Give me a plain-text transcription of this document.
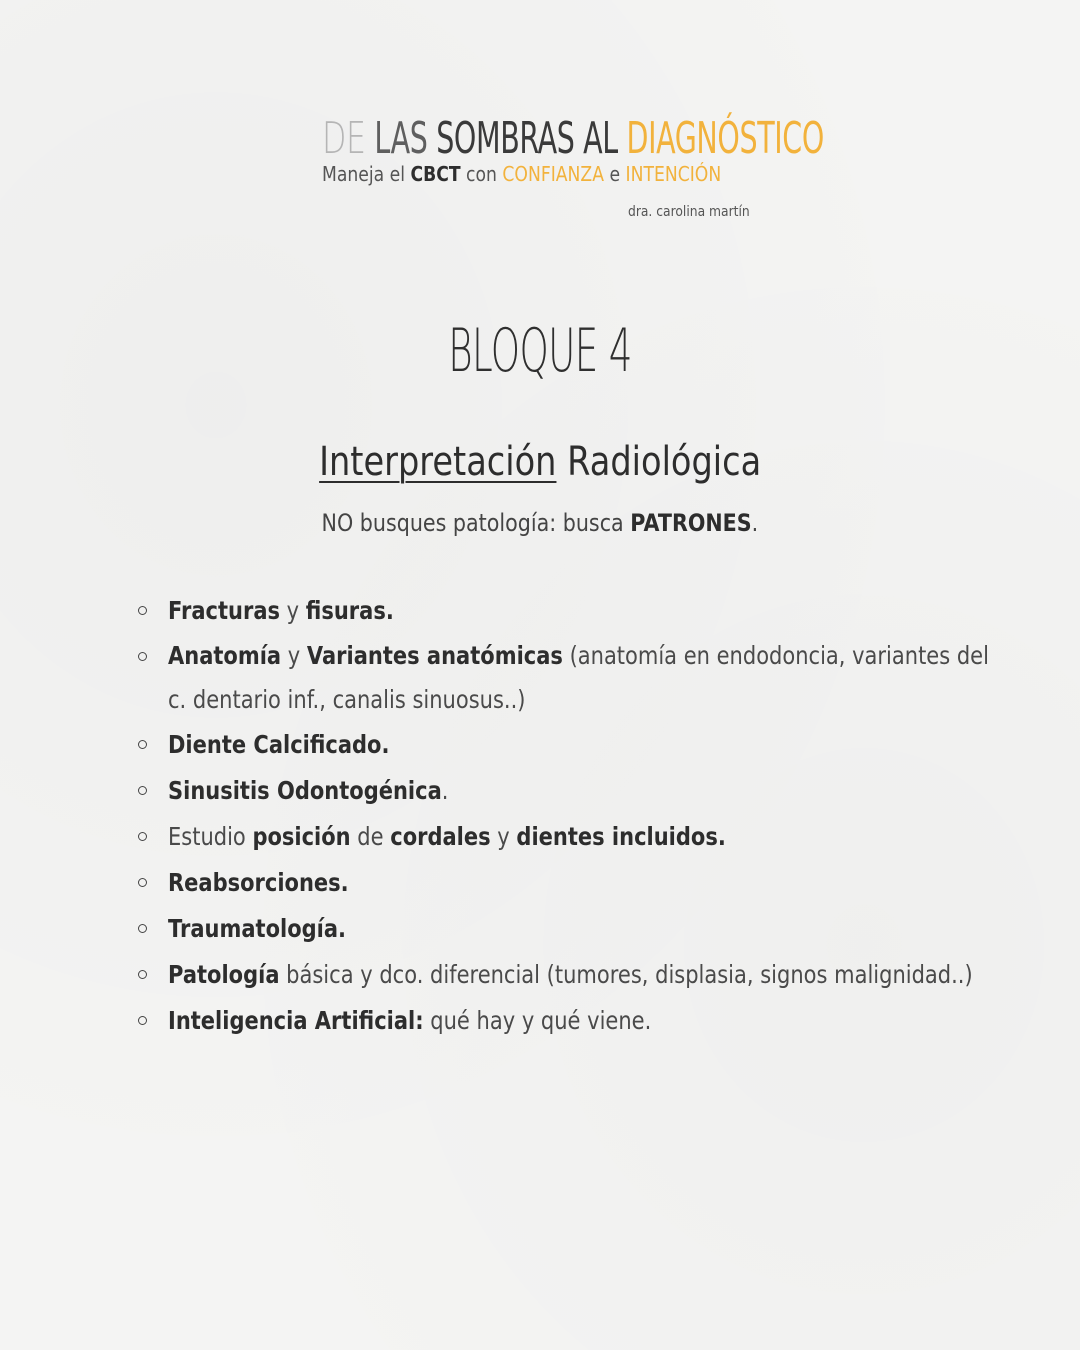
DE LAS SOMBRAS AL DIAGNÓSTICO
Maneja el CBCT con CONFIANZA e INTENCIÓN
dra. carolina martín
BLOQUE 4
Interpretación Radiológica
NO busques patología: busca PATRONES.
Fracturas y fisuras.
Anatomía y Variantes anatómicas (anatomía en endodoncia, variantes del c. dentario inf., canalis sinuosus..)
Diente Calcificado.
Sinusitis Odontogénica.
Estudio posición de cordales y dientes incluidos.
Reabsorciones.
Traumatología.
Patología básica y dco. diferencial (tumores, displasia, signos malignidad..)
Inteligencia Artificial: qué hay y qué viene.
